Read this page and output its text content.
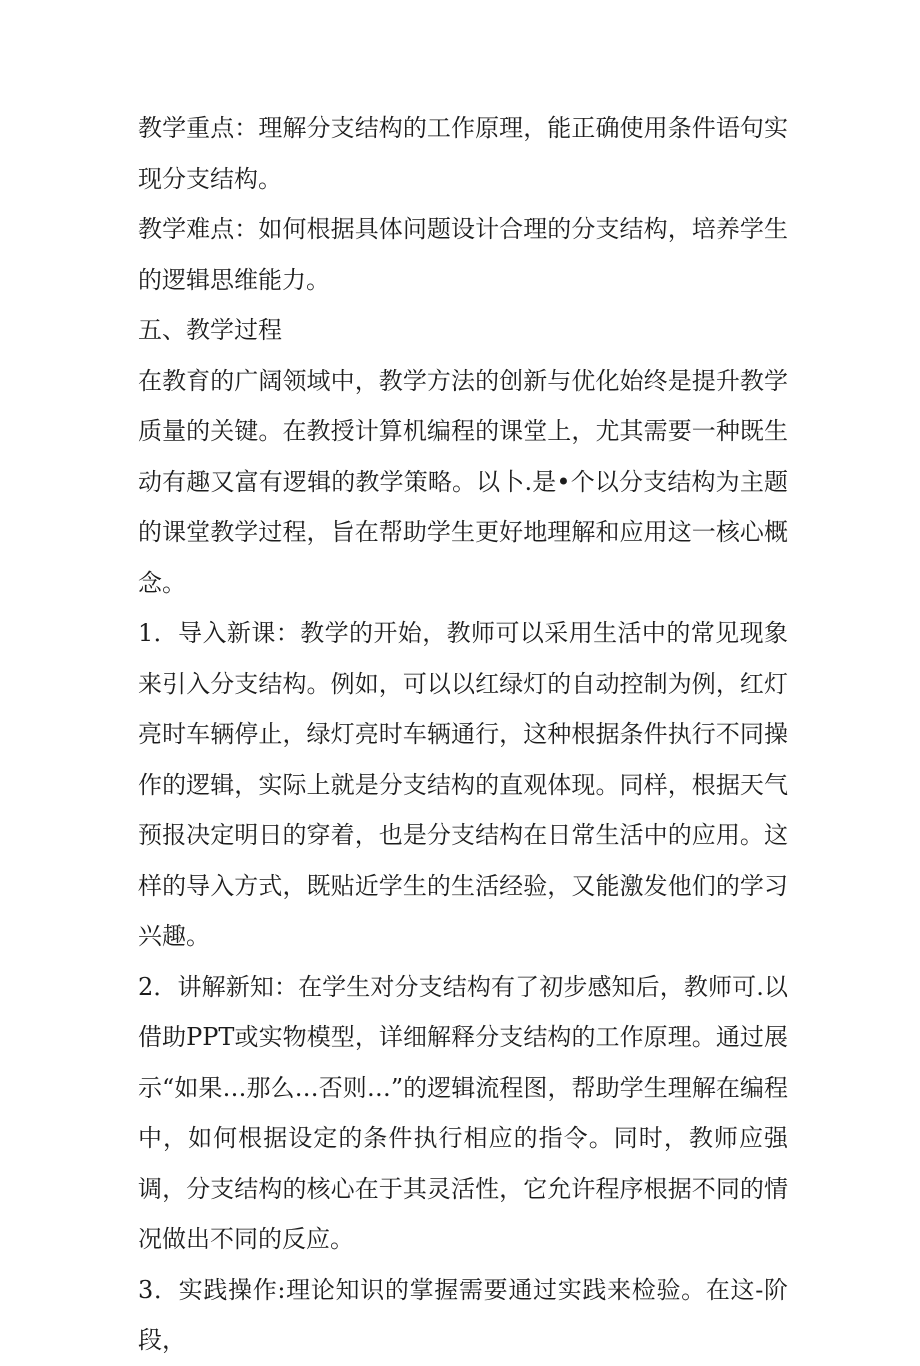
教学重点：理解分支结构的工作原理，能正确使用条件语句实现分支结构。

教学难点：如何根据具体问题设计合理的分支结构，培养学生的逻辑思维能力。

五、教学过程

在教育的广阔领域中，教学方法的创新与优化始终是提升教学质量的关键。在教授计算机编程的课堂上，尤其需要一种既生动有趣又富有逻辑的教学策略。以卜.是•个以分支结构为主题的课堂教学过程，旨在帮助学生更好地理解和应用这一核心概念。

1．导入新课：教学的开始，教师可以采用生活中的常见现象来引入分支结构。例如，可以以红绿灯的自动控制为例，红灯亮时车辆停止，绿灯亮时车辆通行，这种根据条件执行不同操作的逻辑，实际上就是分支结构的直观体现。同样，根据天气预报决定明日的穿着，也是分支结构在日常生活中的应用。这样的导入方式，既贴近学生的生活经验，又能激发他们的学习兴趣。

2．讲解新知：在学生对分支结构有了初步感知后，教师可.以借助PPT或实物模型，详细解释分支结构的工作原理。通过展示“如果…那么…否则…”的逻辑流程图，帮助学生理解在编程中，如何根据设定的条件执行相应的指令。同时，教师应强调，分支结构的核心在于其灵活性，它允许程序根据不同的情况做出不同的反应。

3．实践操作:理论知识的掌握需要通过实践来检验。在这-阶段，
